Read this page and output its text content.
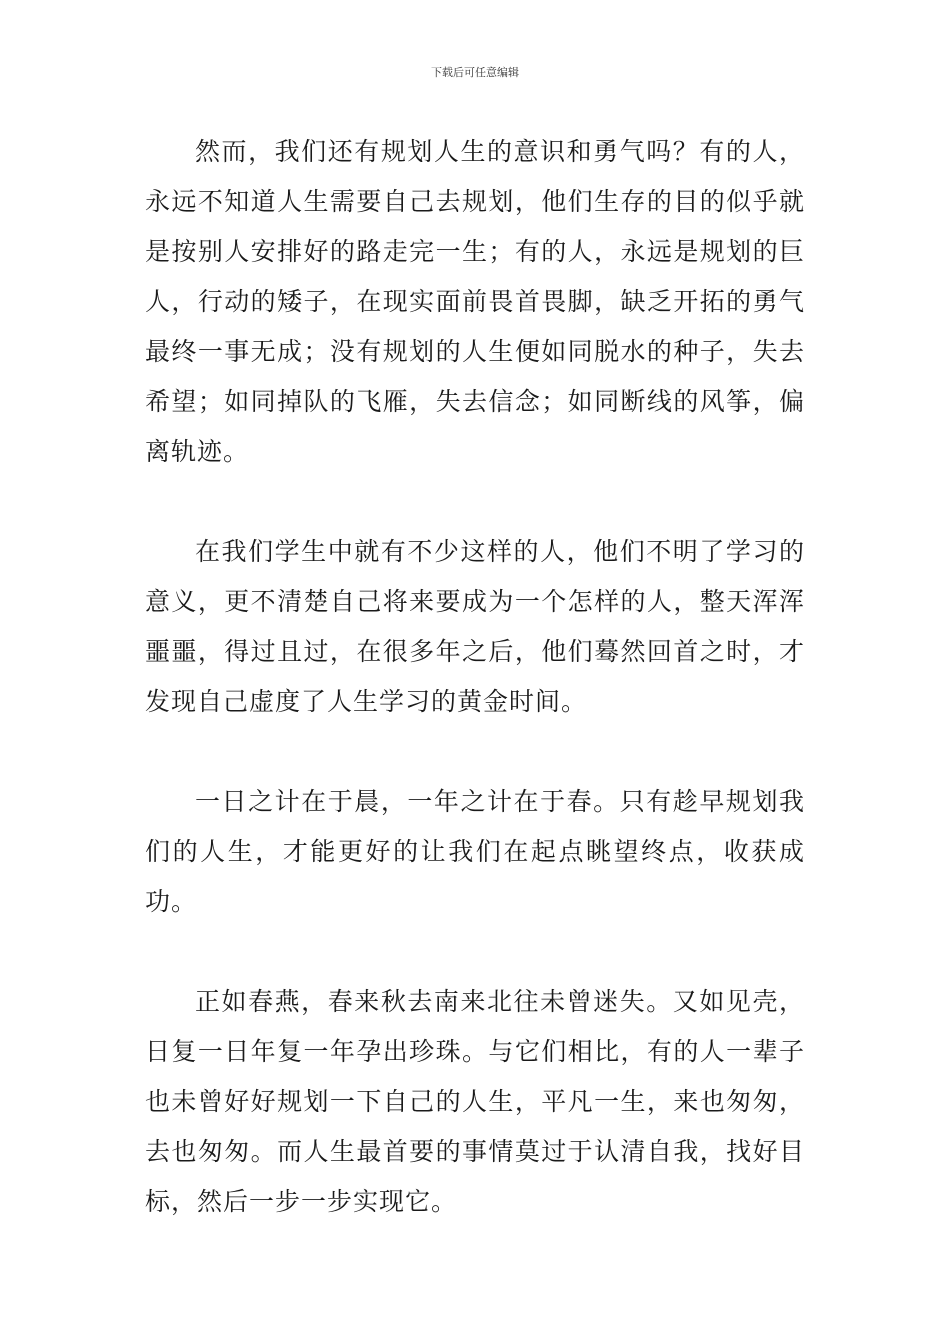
下载后可任意编辑

然而，我们还有规划人生的意识和勇气吗？有的人，永远不知道人生需要自己去规划，他们生存的目的似乎就是按别人安排好的路走完一生；有的人，永远是规划的巨人，行动的矮子，在现实面前畏首畏脚，缺乏开拓的勇气最终一事无成；没有规划的人生便如同脱水的种子，失去希望；如同掉队的飞雁，失去信念；如同断线的风筝，偏离轨迹。

在我们学生中就有不少这样的人，他们不明了学习的意义，更不清楚自己将来要成为一个怎样的人，整天浑浑噩噩，得过且过，在很多年之后，他们蓦然回首之时，才发现自己虚度了人生学习的黄金时间。

一日之计在于晨，一年之计在于春。只有趁早规划我们的人生，才能更好的让我们在起点眺望终点，收获成功。

正如春燕，春来秋去南来北往未曾迷失。又如见壳，日复一日年复一年孕出珍珠。与它们相比，有的人一辈子也未曾好好规划一下自己的人生，平凡一生，来也匆匆，去也匆匆。而人生最首要的事情莫过于认清自我，找好目标，然后一步一步实现它。
